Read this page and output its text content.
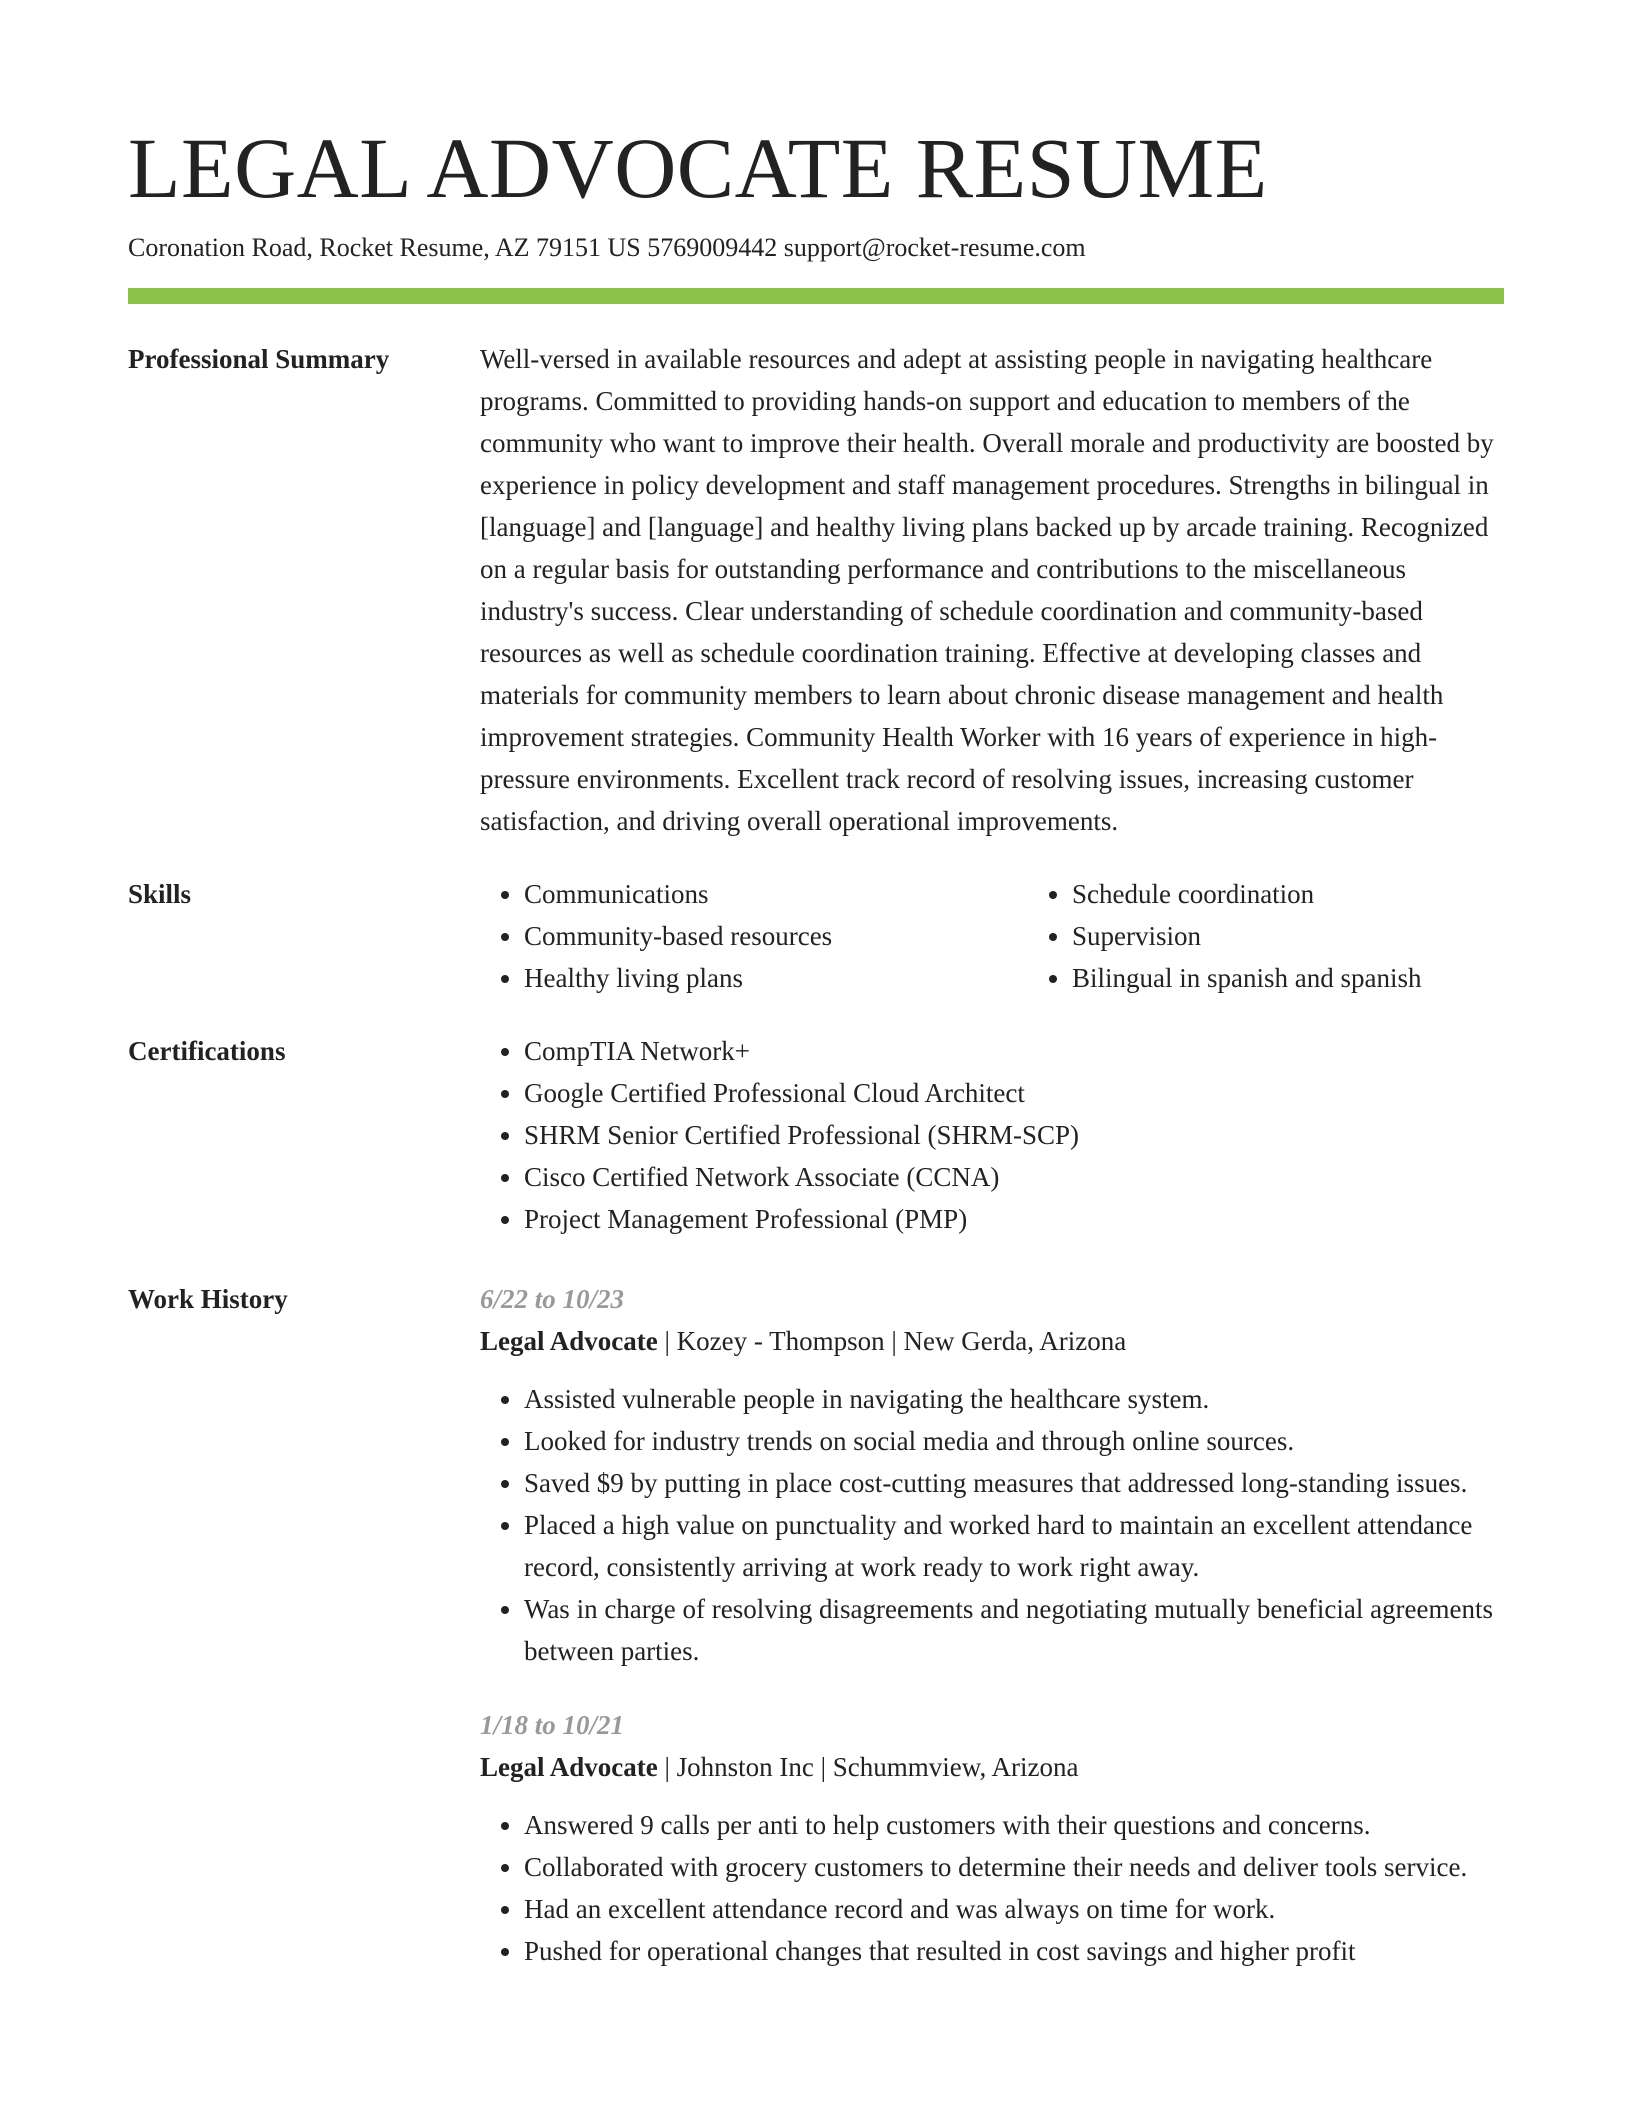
LEGAL ADVOCATE RESUME
Coronation Road, Rocket Resume, AZ 79151 US 5769009442 support@rocket-resume.com
Professional Summary	Well-versed in available resources and adept at assisting people in navigating healthcare programs. Committed to providing hands-on support and education to members of the community who want to improve their health. Overall morale and productivity are boosted by experience in policy development and staff management procedures. Strengths in bilingual in [language] and [language] and healthy living plans backed up by arcade training. Recognized on a regular basis for outstanding performance and contributions to the miscellaneous industry's success. Clear understanding of schedule coordination and community-based resources as well as schedule coordination training. Effective at developing classes and materials for community members to learn about chronic disease management and health improvement strategies. Community Health Worker with 16 years of experience in high-pressure environments. Excellent track record of resolving issues, increasing customer satisfaction, and driving overall operational improvements.

Skills	• Communications
• Community-based resources
• Healthy living plans
• Schedule coordination
• Supervision
• Bilingual in spanish and spanish
Certifications	• CompTIA Network+
• Google Certified Professional Cloud Architect
• SHRM Senior Certified Professional (SHRM-SCP)
• Cisco Certified Network Associate (CCNA)
• Project Management Professional (PMP)
Work History	6/22 to 10/23
Legal Advocate | Kozey - Thompson | New Gerda, Arizona
• Assisted vulnerable people in navigating the healthcare system.
• Looked for industry trends on social media and through online sources.
• Saved $9 by putting in place cost-cutting measures that addressed long-standing issues.
• Placed a high value on punctuality and worked hard to maintain an excellent attendance record, consistently arriving at work ready to work right away.
• Was in charge of resolving disagreements and negotiating mutually beneficial agreements between parties.
1/18 to 10/21
Legal Advocate | Johnston Inc | Schummview, Arizona
• Answered 9 calls per anti to help customers with their questions and concerns.
• Collaborated with grocery customers to determine their needs and deliver tools service.
• Had an excellent attendance record and was always on time for work.
• Pushed for operational changes that resulted in cost savings and higher profit
